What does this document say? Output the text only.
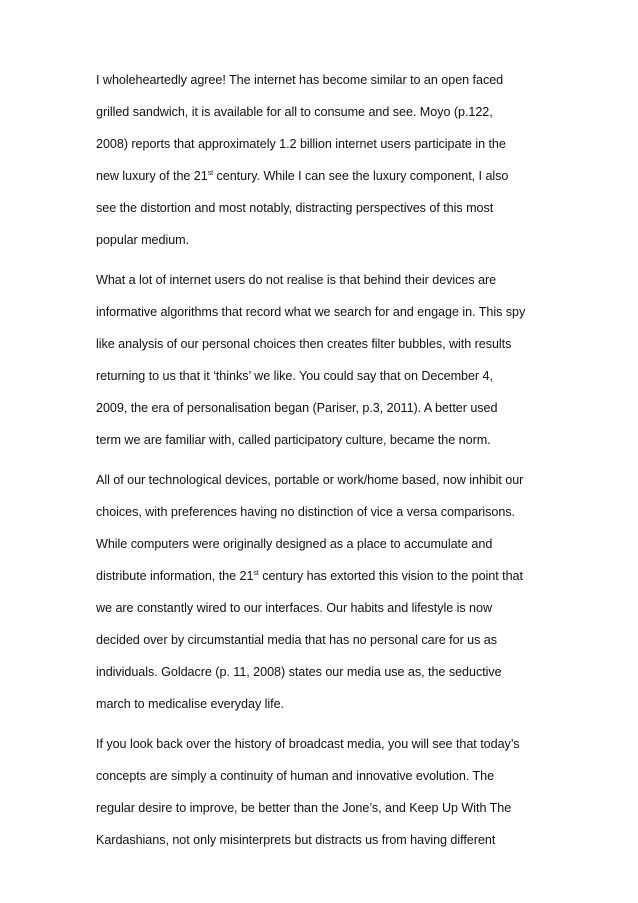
I wholeheartedly agree! The internet has become similar to an open faced

grilled sandwich, it is available for all to consume and see. Moyo (p.122,

2008) reports that approximately 1.2 billion internet users participate in the

new luxury of the 21st century. While I can see the luxury component, I also

see the distortion and most notably, distracting perspectives of this most

popular medium.

What a lot of internet users do not realise is that behind their devices are

informative algorithms that record what we search for and engage in. This spy

like analysis of our personal choices then creates filter bubbles, with results

returning to us that it ‘thinks’ we like. You could say that on December 4,

2009, the era of personalisation began (Pariser, p.3, 2011). A better used

term we are familiar with, called participatory culture, became the norm.

All of our technological devices, portable or work/home based, now inhibit our

choices, with preferences having no distinction of vice a versa comparisons.

While computers were originally designed as a place to accumulate and

distribute information, the 21st century has extorted this vision to the point that

we are constantly wired to our interfaces. Our habits and lifestyle is now

decided over by circumstantial media that has no personal care for us as

individuals. Goldacre (p. 11, 2008) states our media use as, the seductive

march to medicalise everyday life.

If you look back over the history of broadcast media, you will see that today’s

concepts are simply a continuity of human and innovative evolution. The

regular desire to improve, be better than the Jone’s, and Keep Up With The

Kardashians, not only misinterprets but distracts us from having different
